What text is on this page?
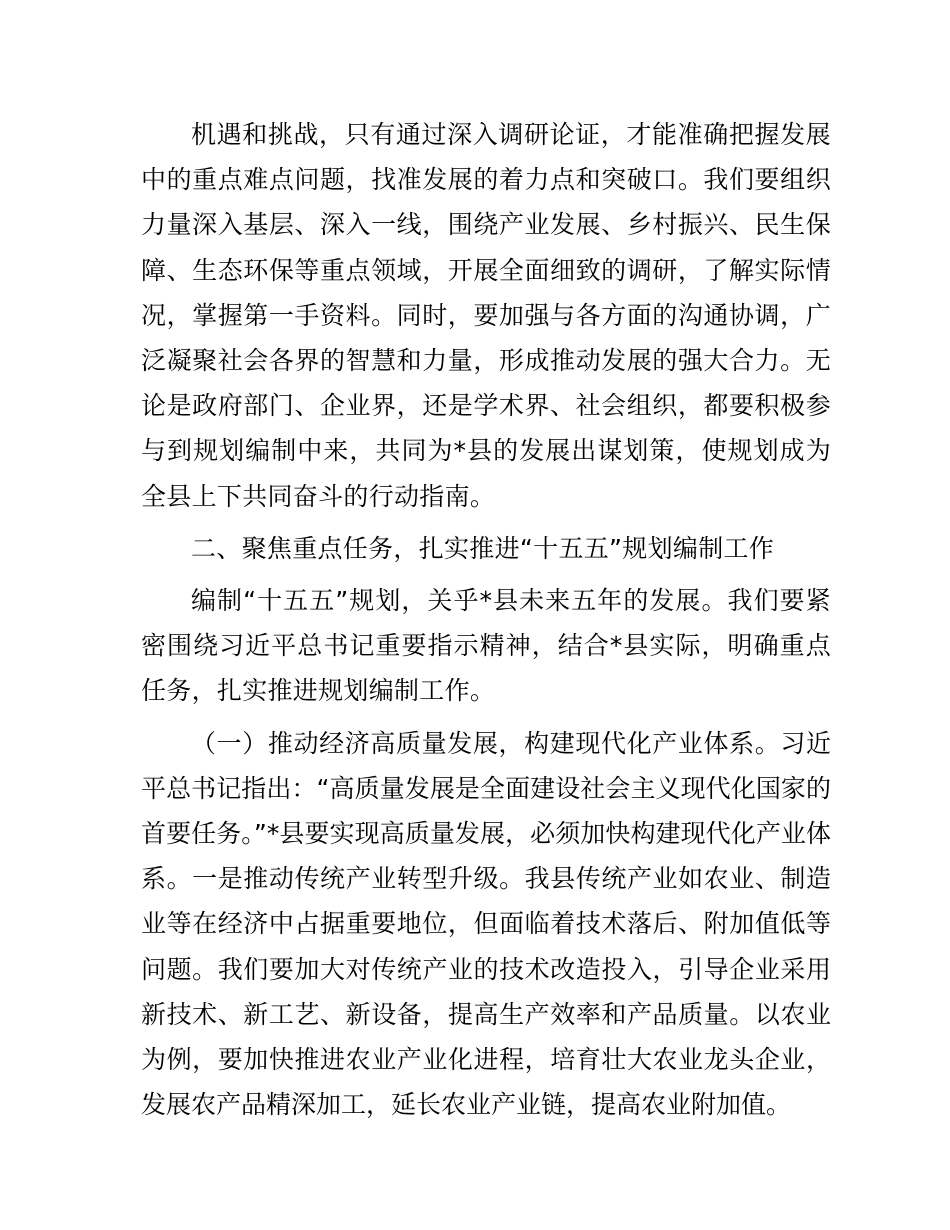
机遇和挑战，只有通过深入调研论证，才能准确把握发展中的重点难点问题，找准发展的着力点和突破口。我们要组织力量深入基层、深入一线，围绕产业发展、乡村振兴、民生保障、生态环保等重点领域，开展全面细致的调研，了解实际情况，掌握第一手资料。同时，要加强与各方面的沟通协调，广泛凝聚社会各界的智慧和力量，形成推动发展的强大合力。无论是政府部门、企业界，还是学术界、社会组织，都要积极参与到规划编制中来，共同为*县的发展出谋划策，使规划成为全县上下共同奋斗的行动指南。

二、聚焦重点任务，扎实推进“十五五”规划编制工作

编制“十五五”规划，关乎*县未来五年的发展。我们要紧密围绕习近平总书记重要指示精神，结合*县实际，明确重点任务，扎实推进规划编制工作。

（一）推动经济高质量发展，构建现代化产业体系。习近平总书记指出：“高质量发展是全面建设社会主义现代化国家的首要任务。”*县要实现高质量发展，必须加快构建现代化产业体系。一是推动传统产业转型升级。我县传统产业如农业、制造业等在经济中占据重要地位，但面临着技术落后、附加值低等问题。我们要加大对传统产业的技术改造投入，引导企业采用新技术、新工艺、新设备，提高生产效率和产品质量。以农业为例，要加快推进农业产业化进程，培育壮大农业龙头企业，发展农产品精深加工，延长农业产业链，提高农业附加值。
